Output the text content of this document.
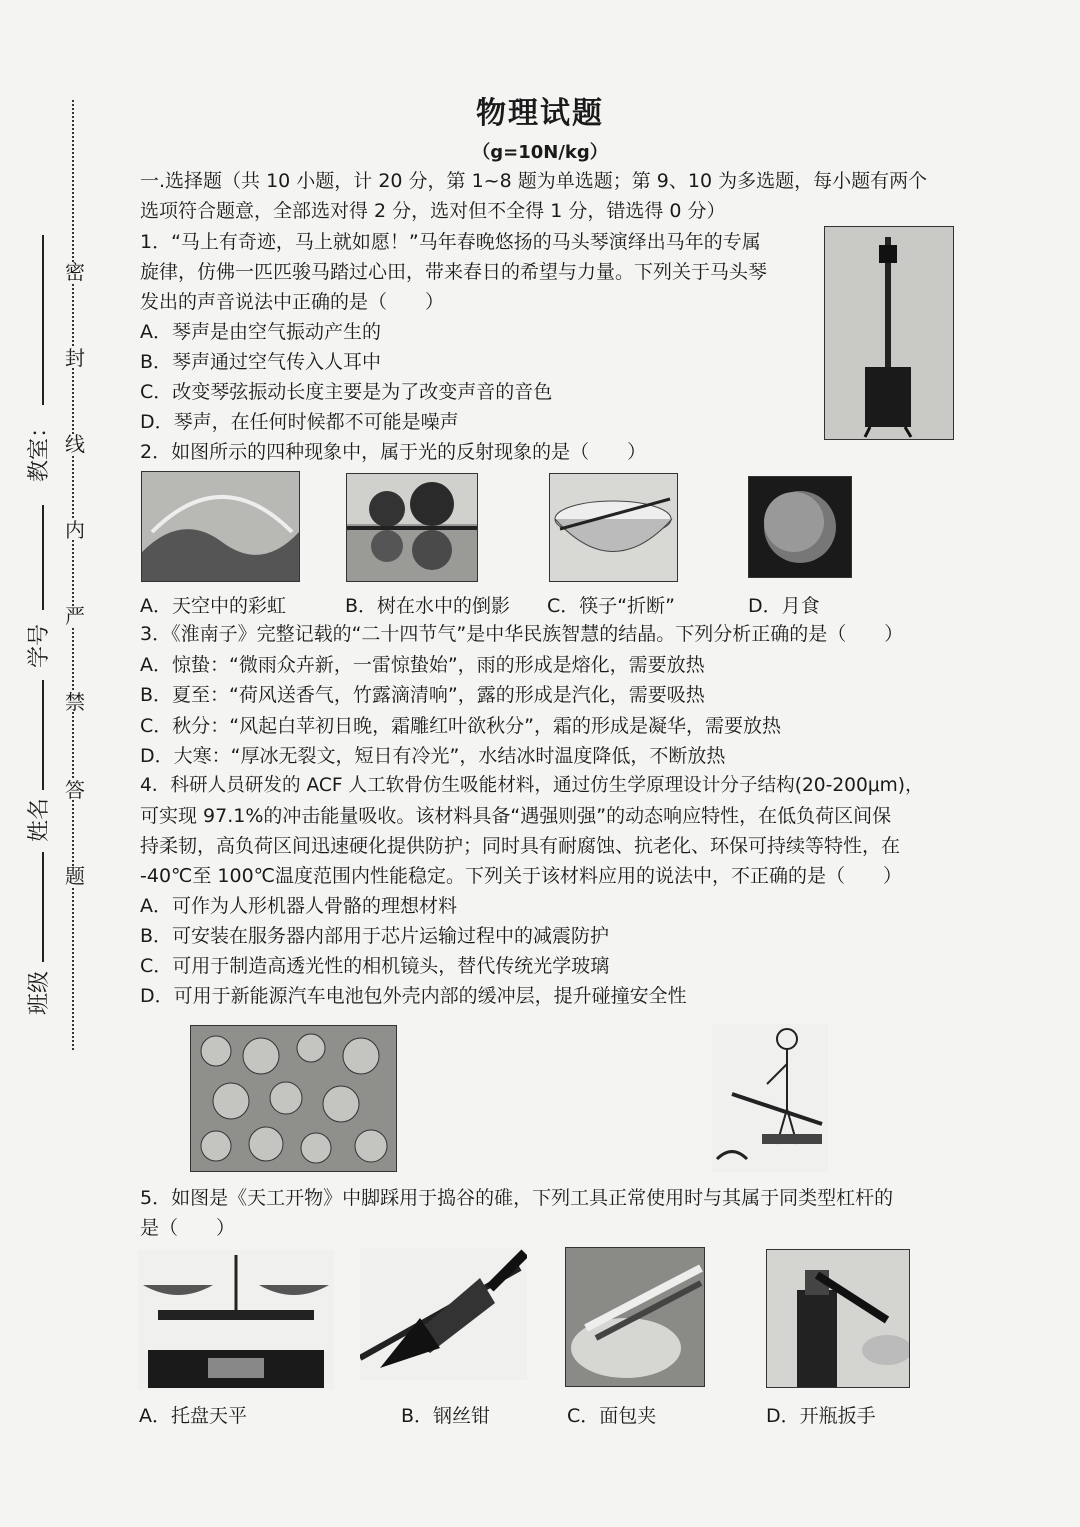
密
封
线
内
严
禁
答
题
教室：
学号
姓名
班级
物理试题
（g=10N/kg）
一.选择题（共 10 小题，计 20 分，第 1~8 题为单选题；第 9、10 为多选题，每小题有两个
选项符合题意，全部选对得 2 分，选对但不全得 1 分，错选得 0 分）
1．“马上有奇迹，马上就如愿！”马年春晚悠扬的马头琴演绎出马年的专属
旋律，仿佛一匹匹骏马踏过心田，带来春日的希望与力量。下列关于马头琴
发出的声音说法中正确的是（　　）
A．琴声是由空气振动产生的
B．琴声通过空气传入人耳中
C．改变琴弦振动长度主要是为了改变声音的音色
D．琴声，在任何时候都不可能是噪声
2．如图所示的四种现象中，属于光的反射现象的是（　　）
A．天空中的彩虹	B．树在水中的倒影 C．筷子“折断”	D．月食
3．《淮南子》完整记载的“二十四节气”是中华民族智慧的结晶。下列分析正确的是（　　）
A．惊蛰：“微雨众卉新，一雷惊蛰始”，雨的形成是熔化，需要放热
B．夏至：“荷风送香气，竹露滴清响”，露的形成是汽化，需要吸热
C．秋分：“风起白苹初日晚，霜雕红叶欲秋分”，霜的形成是凝华，需要放热
D．大寒：“厚冰无裂文，短日有冷光”，水结冰时温度降低，不断放热
4．科研人员研发的 ACF 人工软骨仿生吸能材料，通过仿生学原理设计分子结构(20-200μm)，
可实现 97.1%的冲击能量吸收。该材料具备“遇强则强”的动态响应特性，在低负荷区间保
持柔韧，高负荷区间迅速硬化提供防护；同时具有耐腐蚀、抗老化、环保可持续等特性，在
-40℃至 100℃温度范围内性能稳定。下列关于该材料应用的说法中，不正确的是（　　）
A．可作为人形机器人骨骼的理想材料
B．可安装在服务器内部用于芯片运输过程中的减震防护
C．可用于制造高透光性的相机镜头，替代传统光学玻璃
D．可用于新能源汽车电池包外壳内部的缓冲层，提升碰撞安全性
5．如图是《天工开物》中脚踩用于捣谷的碓，下列工具正常使用时与其属于同类型杠杆的
是（　　）
A．托盘天平	B．钢丝钳	C．面包夹	D．开瓶扳手
